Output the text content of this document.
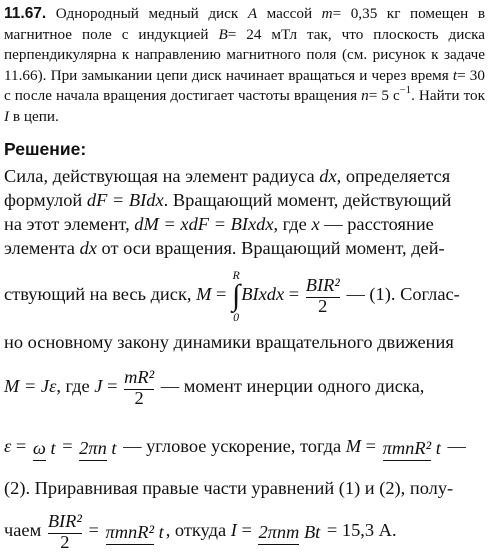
11.67. Однородный медный диск A массой m= 0,35 кг помещен в магнитное поле с индукцией B= 24 мТл так, что плоскость диска перпендикулярна к направлению магнитного поля (см. рисунок к задаче 11.66). При замыкании цепи диск начинает вращаться и через время t= 30 с после начала вращения достигает частоты вращения n= 5 $с^{-1}$. Найти ток I в цепи.
Решение:
Сила, действующая на элемент радиуса dx, определяется
формулой dF = BIdx. Вращающий момент, действующий
на этот элемент, dM = xdF = BIxdx, где x — расстояние
элемента dx от оси вращения. Вращающий момент, дей-
ствующий на весь диск, M =
R
∫
0
BIxdx = $\frac{\text{BIR²}}{2}$ — (1). Соглас-
но основному закону динамики вращательного движения
M = Jε, где $J = \frac{\text{mR²}}{2}$ — момент инерции одного диска,
ε = ω t = 2πn t — угловое ускорение, тогда M = πmnR² t —
(2). Приравнивая правые части уравнений (1) и (2), полу-
чаем $\frac{\text{BIR²}}{2} = \pi mnR^2$ t , откуда I = 2πnm Bt = 15,3 А.
